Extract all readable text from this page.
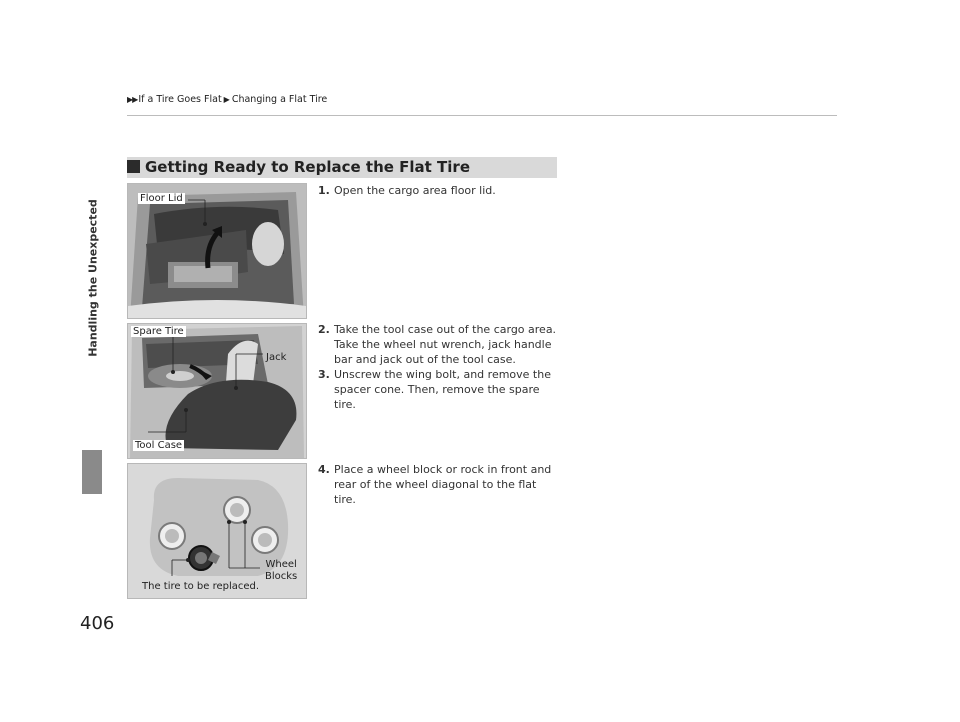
▶▶ If a Tire Goes Flat ▶ Changing a Flat Tire
Handling the Unexpected
406
Getting Ready to Replace the Flat Tire
Floor Lid
Spare Tire
Jack
Tool Case
Wheel
Blocks
The tire to be replaced.
1. Open the cargo area floor lid.
2. Take the tool case out of the cargo area. Take the wheel nut wrench, jack handle bar and jack out of the tool case.
3. Unscrew the wing bolt, and remove the spacer cone. Then, remove the spare tire.
4. Place a wheel block or rock in front and rear of the wheel diagonal to the flat tire.
